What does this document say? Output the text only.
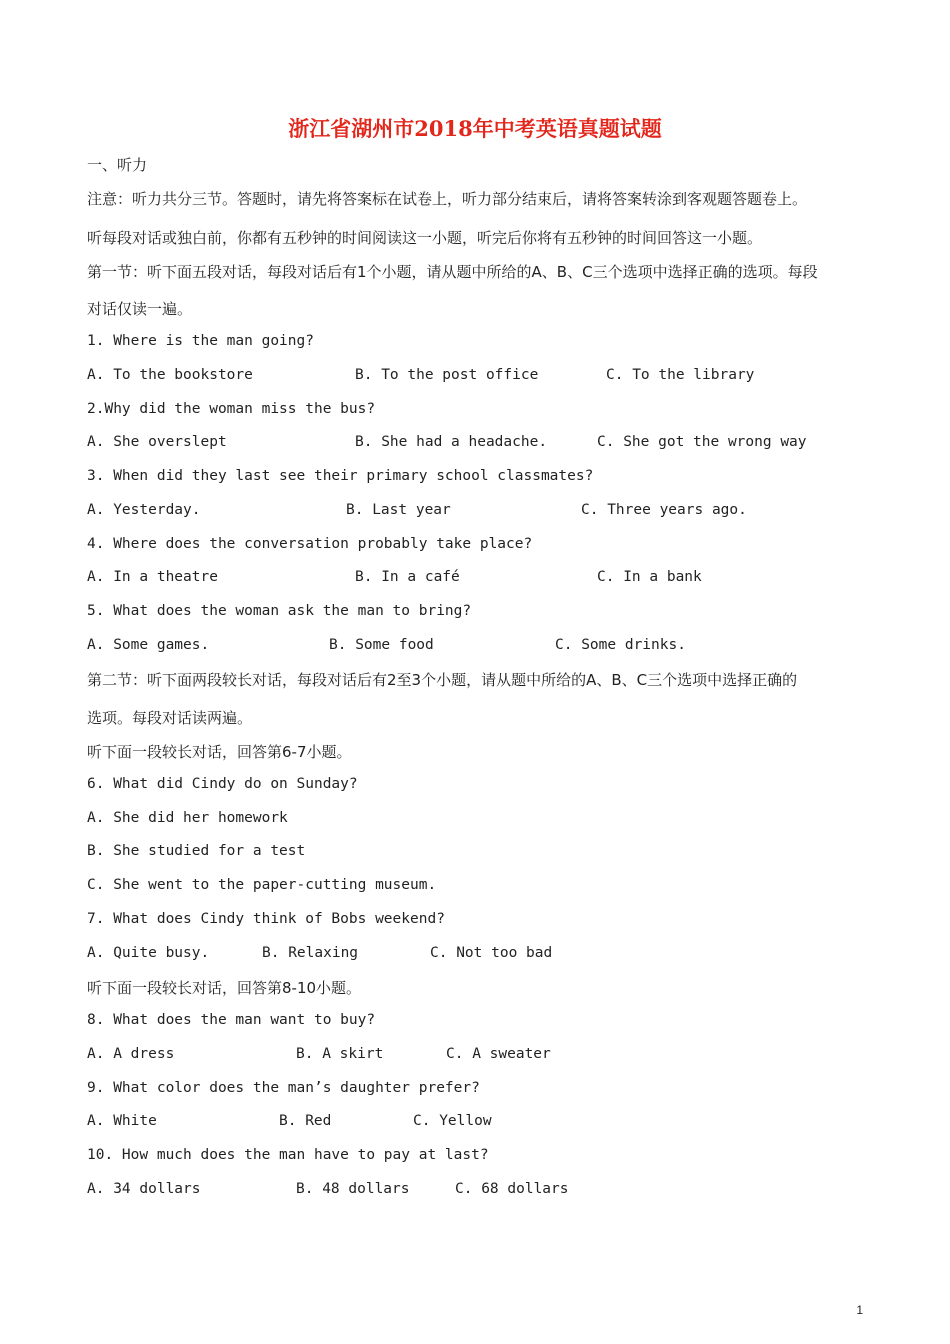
浙江省湖州市2018年中考英语真题试题
一、听力
注意：听力共分三节。答题时，请先将答案标在试卷上，听力部分结束后，请将答案转涂到客观题答题卷上。
听每段对话或独白前，你都有五秒钟的时间阅读这一小题，听完后你将有五秒钟的时间回答这一小题。
第一节：听下面五段对话，每段对话后有1个小题，请从题中所给的A、B、C三个选项中选择正确的选项。每段
对话仅读一遍。
1. Where is the man going?
A. To the bookstore	B. To the post office	C. To the library
2.Why did the woman miss the bus?
A. She overslept	B. She had a headache.	C. She got the wrong way
3. When did they last see their primary school classmates?
A. Yesterday.	B. Last year	C. Three years ago.
4. Where does the conversation probably take place?
A. In a theatre	B. In a café	C. In a bank
5. What does the woman ask the man to bring?
A. Some games.	B. Some food	C. Some drinks.
第二节：听下面两段较长对话，每段对话后有2至3个小题，请从题中所给的A、B、C三个选项中选择正确的
选项。每段对话读两遍。
听下面一段较长对话，回答第6-7小题。
6. What did Cindy do on Sunday?
A. She did her homework
B. She studied for a test
C. She went to the paper-cutting museum.
7. What does Cindy think of Bobs weekend?
A. Quite busy.	B. Relaxing	C. Not too bad
听下面一段较长对话，回答第8-10小题。
8. What does the man want to buy?
A. A dress	B. A skirt	C. A sweater
9. What color does the man’s daughter prefer?
A. White	B. Red	C. Yellow
10. How much does the man have to pay at last?
A. 34 dollars	B. 48 dollars	C. 68 dollars
1
